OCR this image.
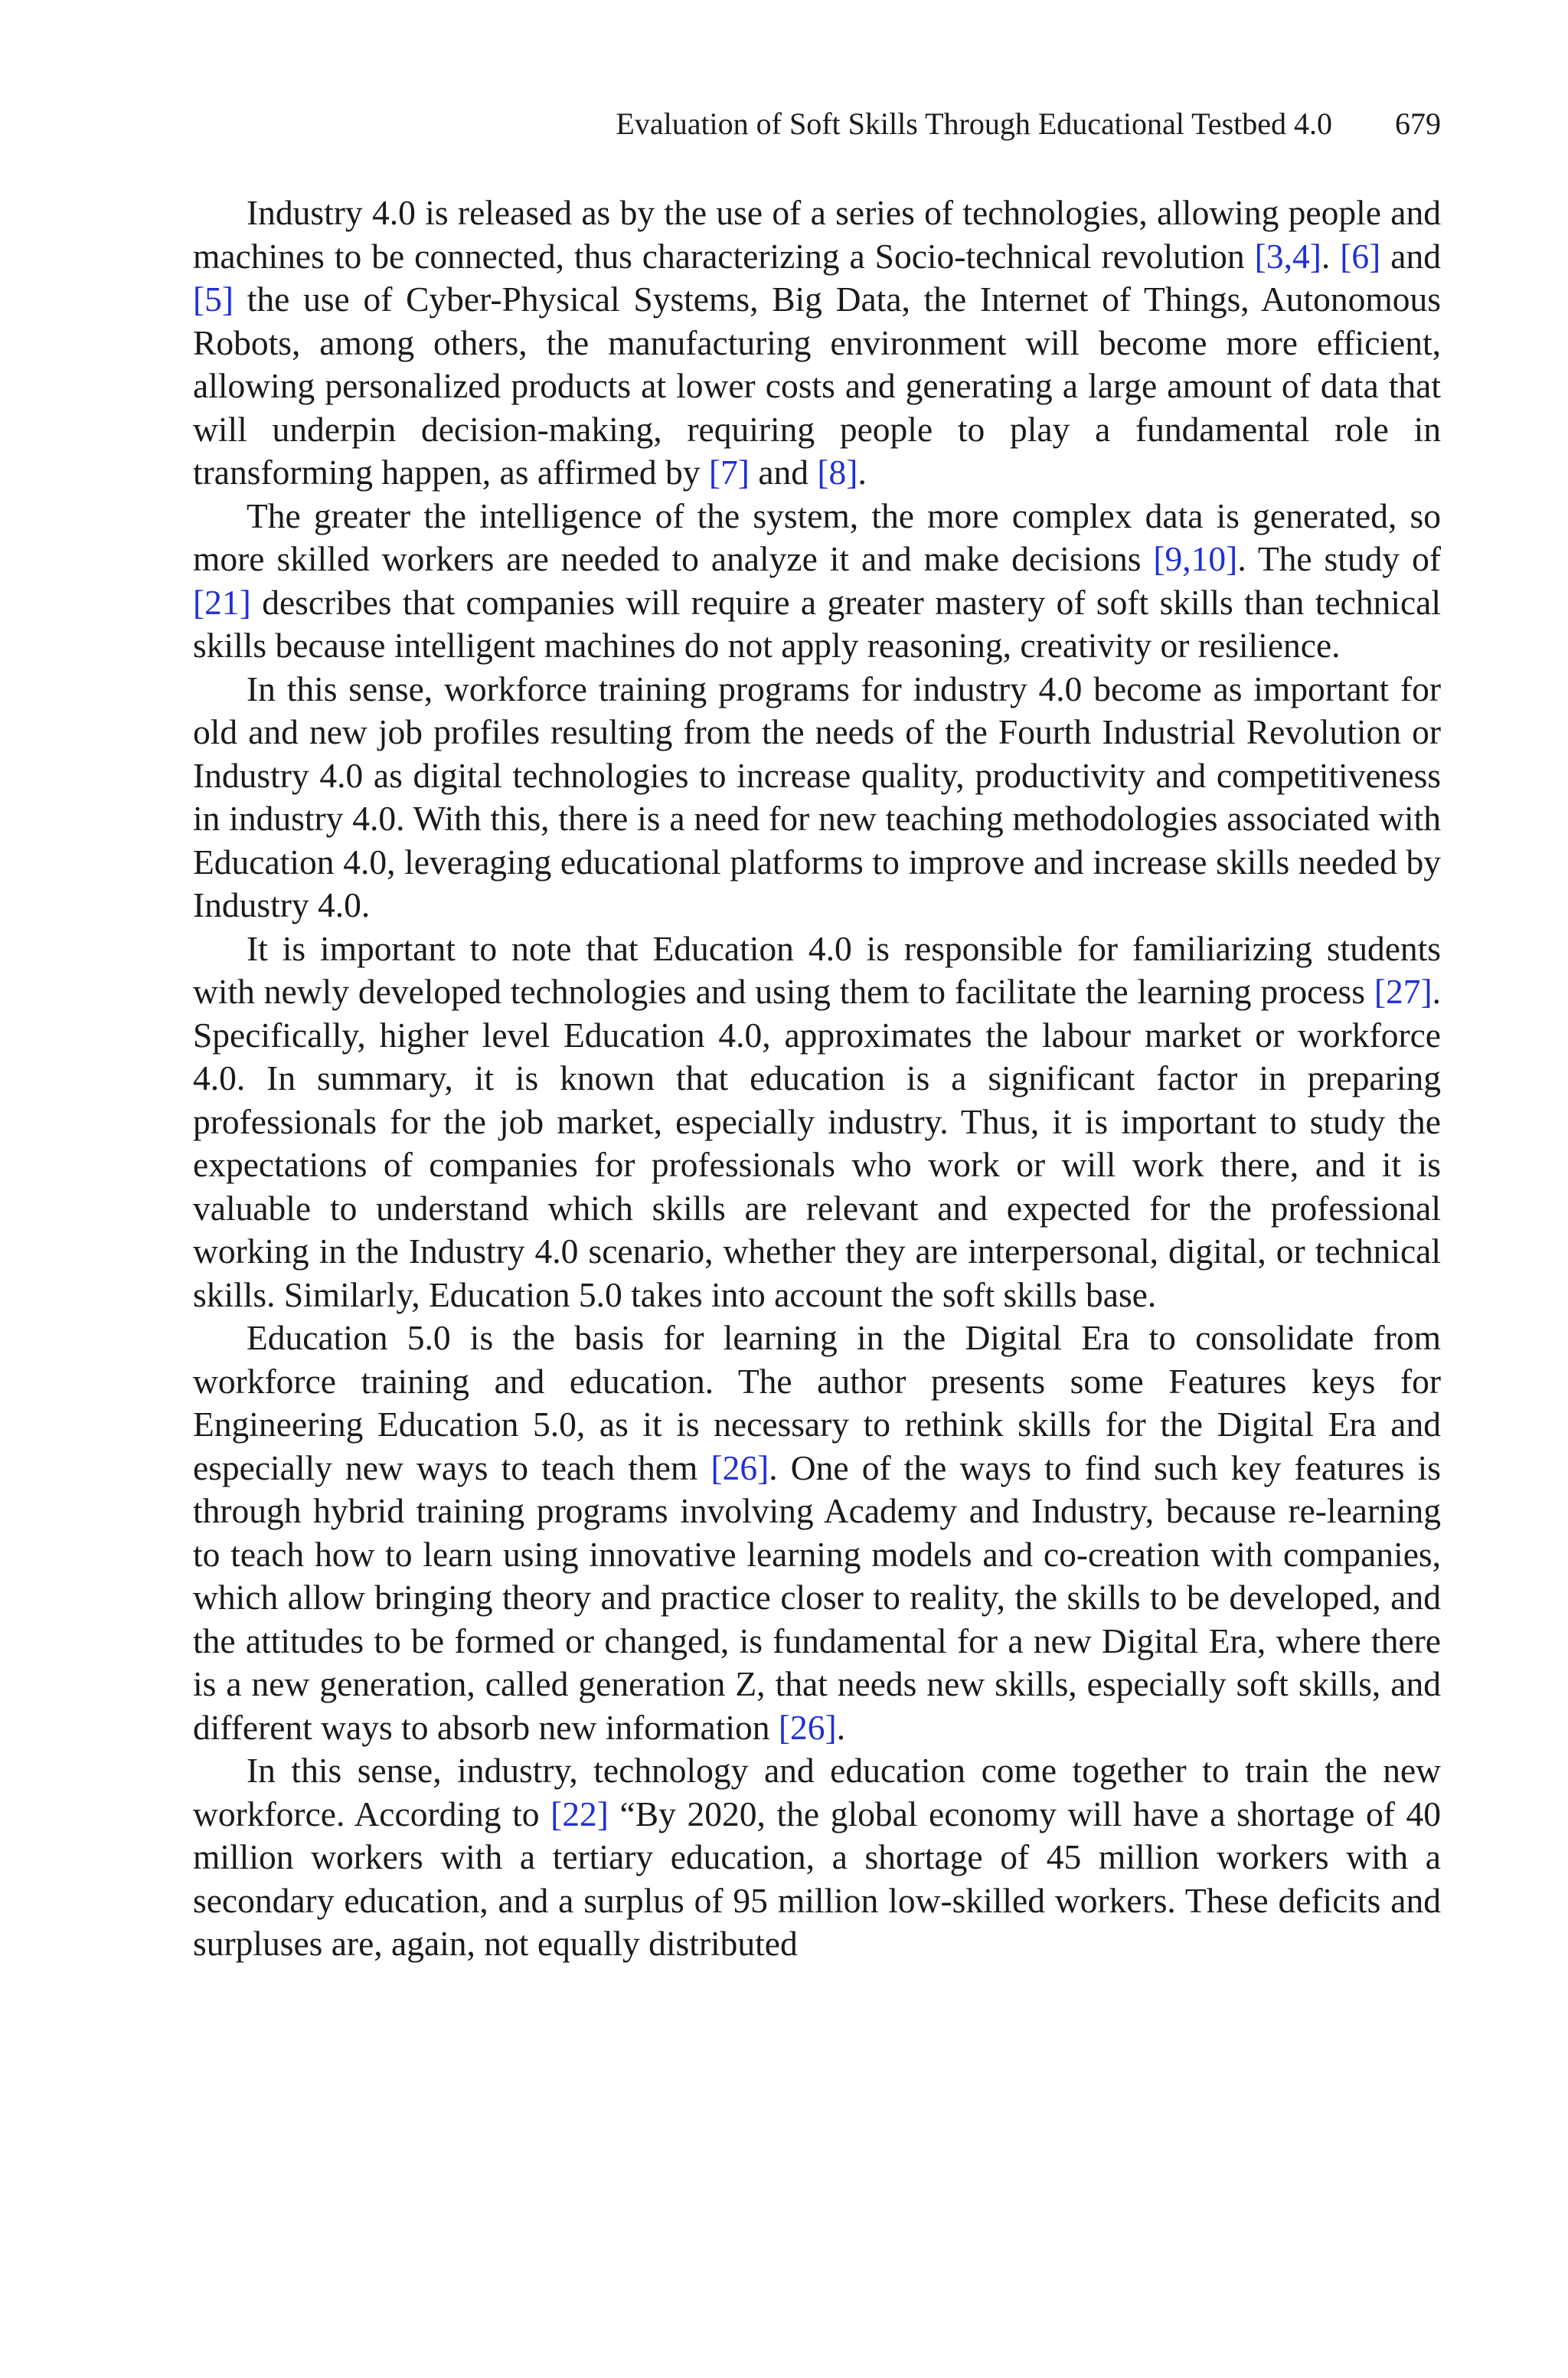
Evaluation of Soft Skills Through Educational Testbed 4.0 679

Industry 4.0 is released as by the use of a series of technologies, allowing people and machines to be connected, thus characterizing a Socio-technical revolution [3,4]. [6] and [5] the use of Cyber-Physical Systems, Big Data, the Internet of Things, Autonomous Robots, among others, the manufacturing environment will become more efficient, allowing personalized products at lower costs and generating a large amount of data that will underpin decision-making, requiring people to play a fundamental role in transforming happen, as affirmed by [7] and [8].

The greater the intelligence of the system, the more complex data is generated, so more skilled workers are needed to analyze it and make decisions [9,10]. The study of [21] describes that companies will require a greater mastery of soft skills than technical skills because intelligent machines do not apply reasoning, creativity or resilience.

In this sense, workforce training programs for industry 4.0 become as important for old and new job profiles resulting from the needs of the Fourth Industrial Revolution or Industry 4.0 as digital technologies to increase quality, productivity and competitiveness in industry 4.0. With this, there is a need for new teaching methodologies associated with Education 4.0, leveraging educational platforms to improve and increase skills needed by Industry 4.0.

It is important to note that Education 4.0 is responsible for familiarizing students with newly developed technologies and using them to facilitate the learning process [27]. Specifically, higher level Education 4.0, approximates the labour market or workforce 4.0. In summary, it is known that education is a significant factor in preparing professionals for the job market, especially industry. Thus, it is important to study the expectations of companies for professionals who work or will work there, and it is valuable to understand which skills are relevant and expected for the professional working in the Industry 4.0 scenario, whether they are interpersonal, digital, or technical skills. Similarly, Education 5.0 takes into account the soft skills base.

Education 5.0 is the basis for learning in the Digital Era to consolidate from workforce training and education. The author presents some Features keys for Engineering Education 5.0, as it is necessary to rethink skills for the Digital Era and especially new ways to teach them [26]. One of the ways to find such key features is through hybrid training programs involving Academy and Industry, because re-learning to teach how to learn using innovative learning models and co-creation with companies, which allow bringing theory and practice closer to reality, the skills to be developed, and the attitudes to be formed or changed, is fundamental for a new Digital Era, where there is a new generation, called generation Z, that needs new skills, especially soft skills, and different ways to absorb new information [26].

In this sense, industry, technology and education come together to train the new workforce. According to [22] “By 2020, the global economy will have a shortage of 40 million workers with a tertiary education, a shortage of 45 million workers with a secondary education, and a surplus of 95 million low-skilled workers. These deficits and surpluses are, again, not equally distributed
